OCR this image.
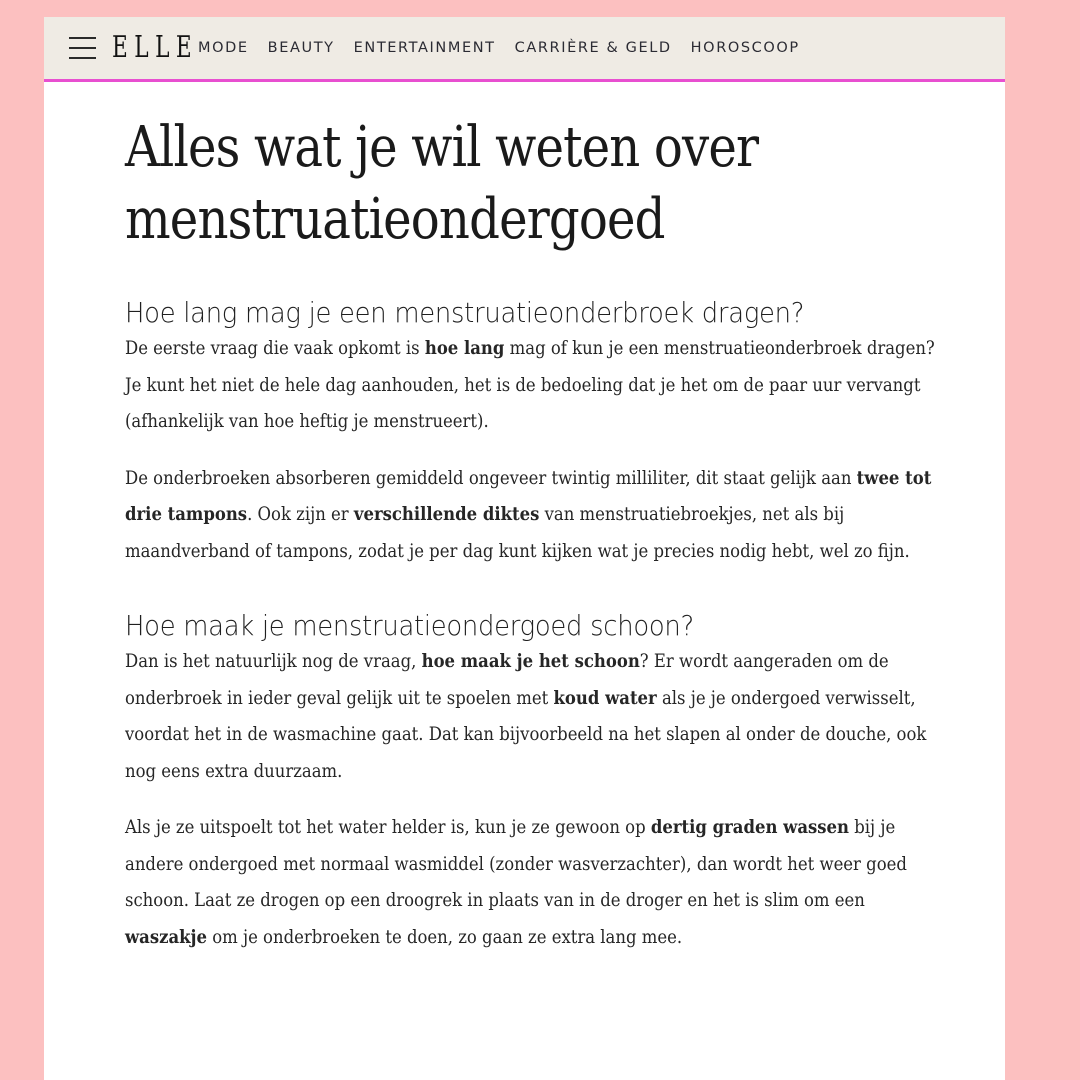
ELLE MODE BEAUTY ENTERTAINMENT CARRIÈRE & GELD HOROSCOOP
Alles wat je wil weten over
menstruatieondergoed
Hoe lang mag je een menstruatieonderbroek dragen?

De eerste vraag die vaak opkomt is hoe lang mag of kun je een menstruatieonderbroek dragen? Je kunt het niet de hele dag aanhouden, het is de bedoeling dat je het om de paar uur vervangt (afhankelijk van hoe heftig je menstrueert).

De onderbroeken absorberen gemiddeld ongeveer twintig milliliter, dit staat gelijk aan twee tot drie tampons. Ook zijn er verschillende diktes van menstruatiebroekjes, net als bij maandverband of tampons, zodat je per dag kunt kijken wat je precies nodig hebt, wel zo fijn.

Hoe maak je menstruatieondergoed schoon?

Dan is het natuurlijk nog de vraag, hoe maak je het schoon? Er wordt aangeraden om de onderbroek in ieder geval gelijk uit te spoelen met koud water als je je ondergoed verwisselt, voordat het in de wasmachine gaat. Dat kan bijvoorbeeld na het slapen al onder de douche, ook nog eens extra duurzaam.

Als je ze uitspoelt tot het water helder is, kun je ze gewoon op dertig graden wassen bij je andere ondergoed met normaal wasmiddel (zonder wasverzachter), dan wordt het weer goed schoon. Laat ze drogen op een droogrek in plaats van in de droger en het is slim om een waszakje om je onderbroeken te doen, zo gaan ze extra lang mee.
